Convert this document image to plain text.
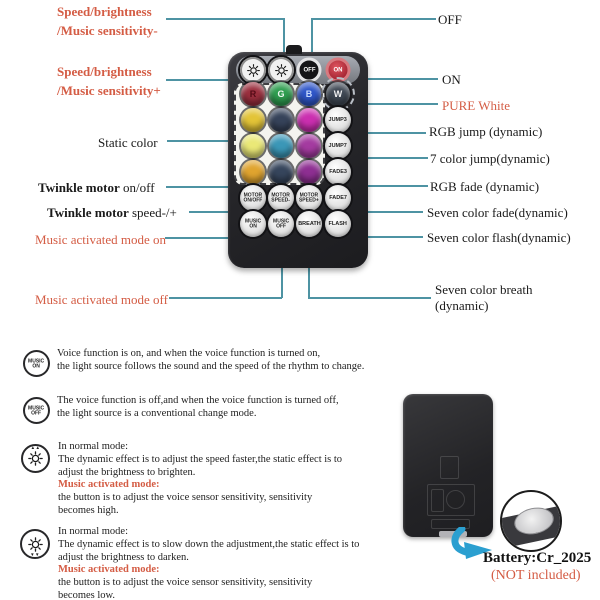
Speed/brightness
/Music sensitivity-
Speed/brightness
/Music sensitivity+
Static color
Twinkle motor on/off
Twinkle motor speed-/+
Music activated mode on
Music activated mode off
OFF
ON
PURE White
RGB jump (dynamic)
7 color jump(dynamic)
RGB fade (dynamic)
Seven color fade(dynamic)
Seven color flash(dynamic)
Seven color breath
(dynamic)
OFF ON
R G B W
JUMP3
JUMP7
FADE3
FADE7
FLASH
MOTOR
ON/OFF
MOTOR
SPEED-
MOTOR
SPEED+
MUSIC
ON
MUSIC
OFF	BREATH
MUSIC
ON
Voice function is on, and when the voice function is turned on,
the light source follows the sound and the speed of the rhythm to change.
MUSIC
OFF
The voice function is off,and when the voice function is turned off,
the light source is a conventional change mode.
▲▲ In normal mode:
The dynamic effect is to adjust the speed faster,the static effect is to
adjust the brightness to brighten.
Music activated mode:
the button is to adjust the voice sensor sensitivity, sensitivity
becomes high.
▼▼
In normal mode:
The dynamic effect is to slow down the adjustment,the static effect is to
adjust the brightness to darken.
Music activated mode:
the button is to adjust the voice sensor sensitivity, sensitivity
becomes low.
Battery:Cr_2025
(NOT included)
